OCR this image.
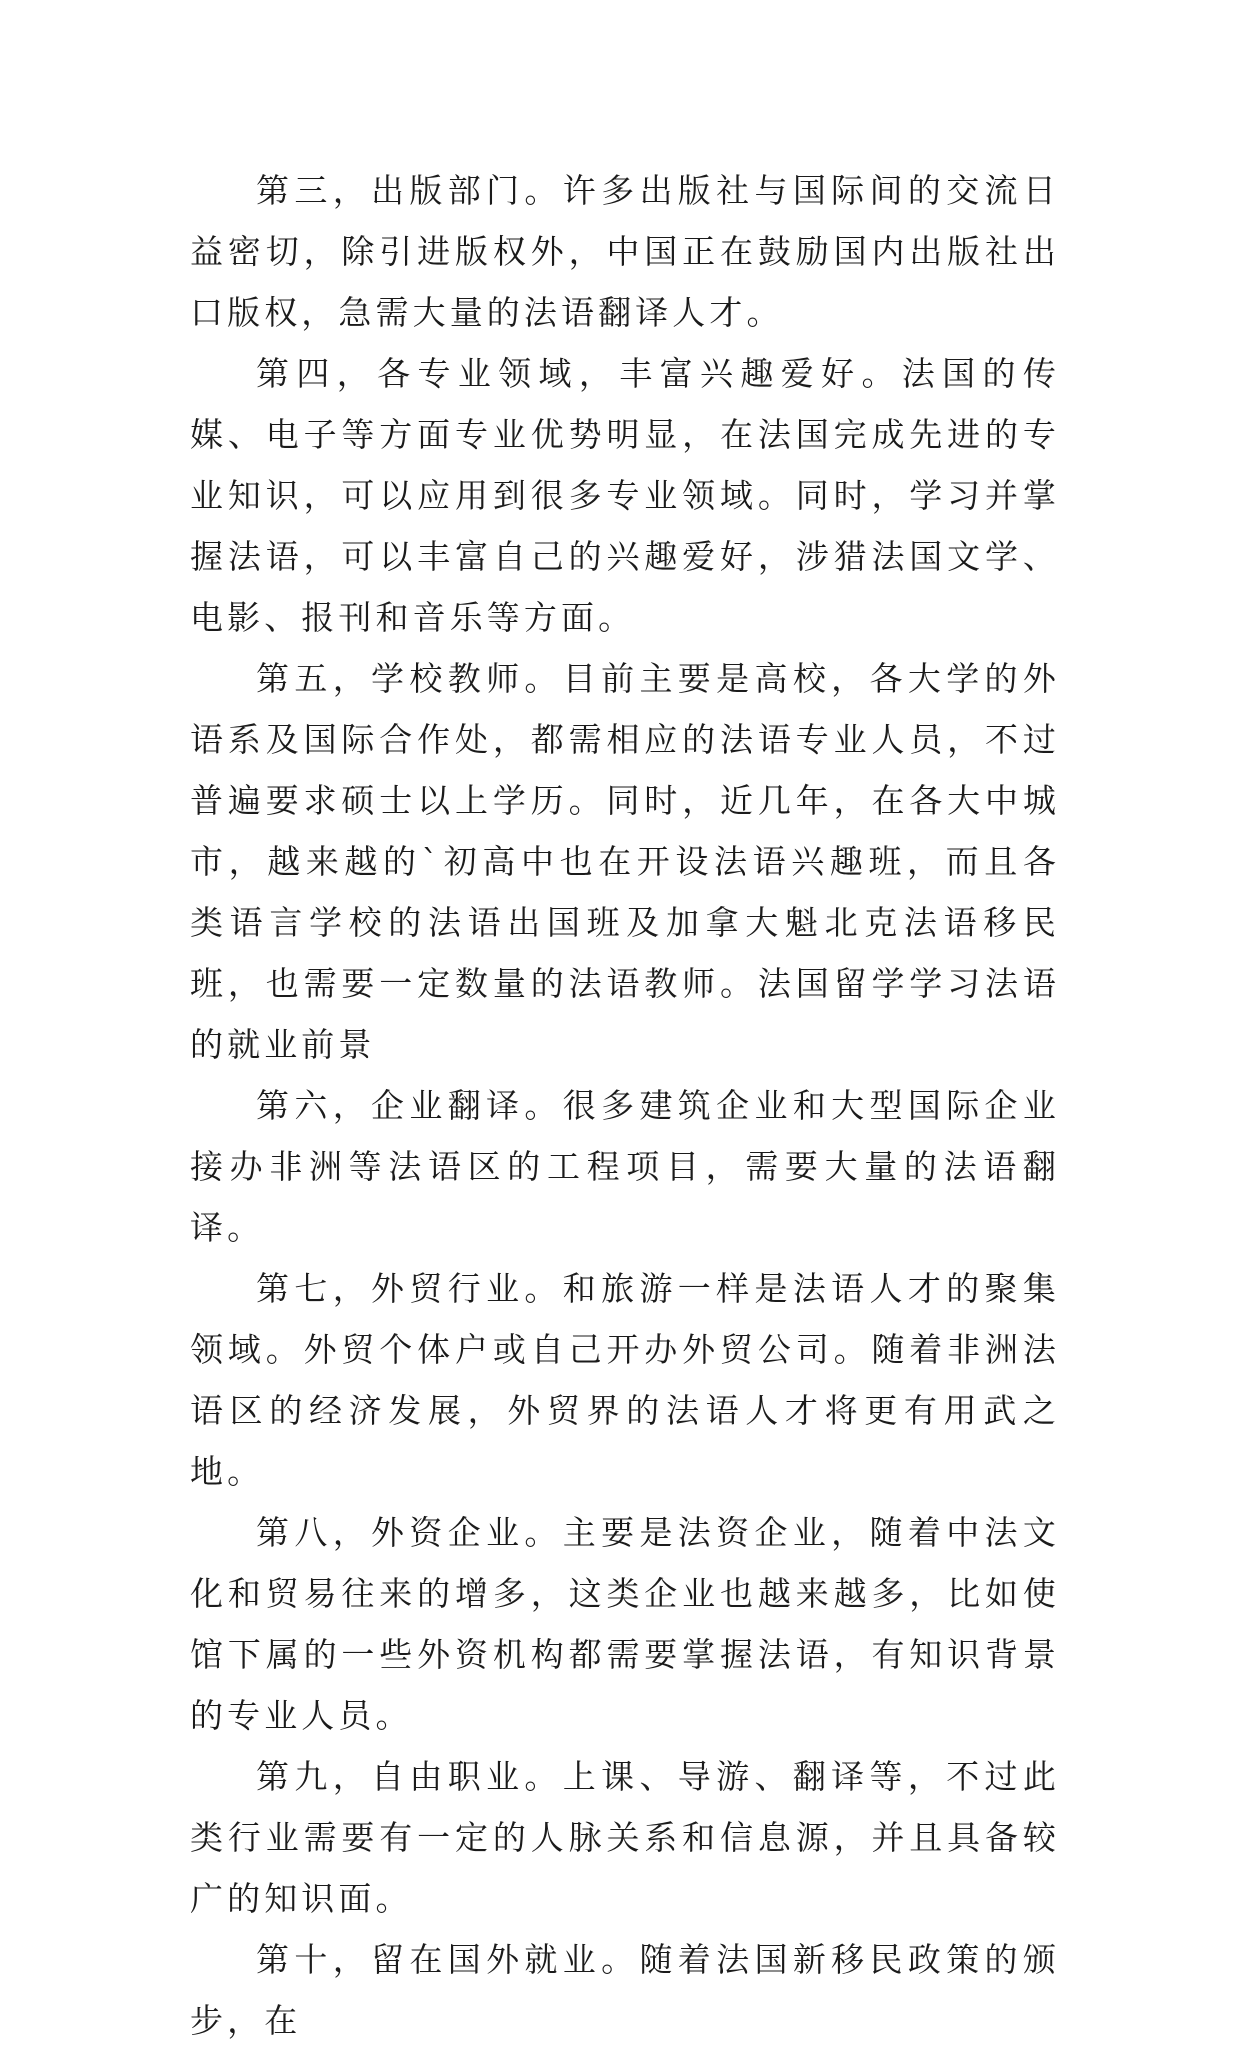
第三，出版部门。许多出版社与国际间的交流日益密切，除引进版权外，中国正在鼓励国内出版社出口版权，急需大量的法语翻译人才。

第四，各专业领域，丰富兴趣爱好。法国的传媒、电子等方面专业优势明显，在法国完成先进的专业知识，可以应用到很多专业领域。同时，学习并掌握法语，可以丰富自己的兴趣爱好，涉猎法国文学、电影、报刊和音乐等方面。

第五，学校教师。目前主要是高校，各大学的外语系及国际合作处，都需相应的法语专业人员，不过普遍要求硕士以上学历。同时，近几年，在各大中城市，越来越的`初高中也在开设法语兴趣班，而且各类语言学校的法语出国班及加拿大魁北克法语移民班，也需要一定数量的法语教师。法国留学学习法语的就业前景

第六，企业翻译。很多建筑企业和大型国际企业接办非洲等法语区的工程项目，需要大量的法语翻译。

第七，外贸行业。和旅游一样是法语人才的聚集领域。外贸个体户或自己开办外贸公司。随着非洲法语区的经济发展，外贸界的法语人才将更有用武之地。

第八，外资企业。主要是法资企业，随着中法文化和贸易往来的增多，这类企业也越来越多，比如使馆下属的一些外资机构都需要掌握法语，有知识背景的专业人员。

第九，自由职业。上课、导游、翻译等，不过此类行业需要有一定的人脉关系和信息源，并且具备较广的知识面。

第十，留在国外就业。随着法国新移民政策的颁步，在
